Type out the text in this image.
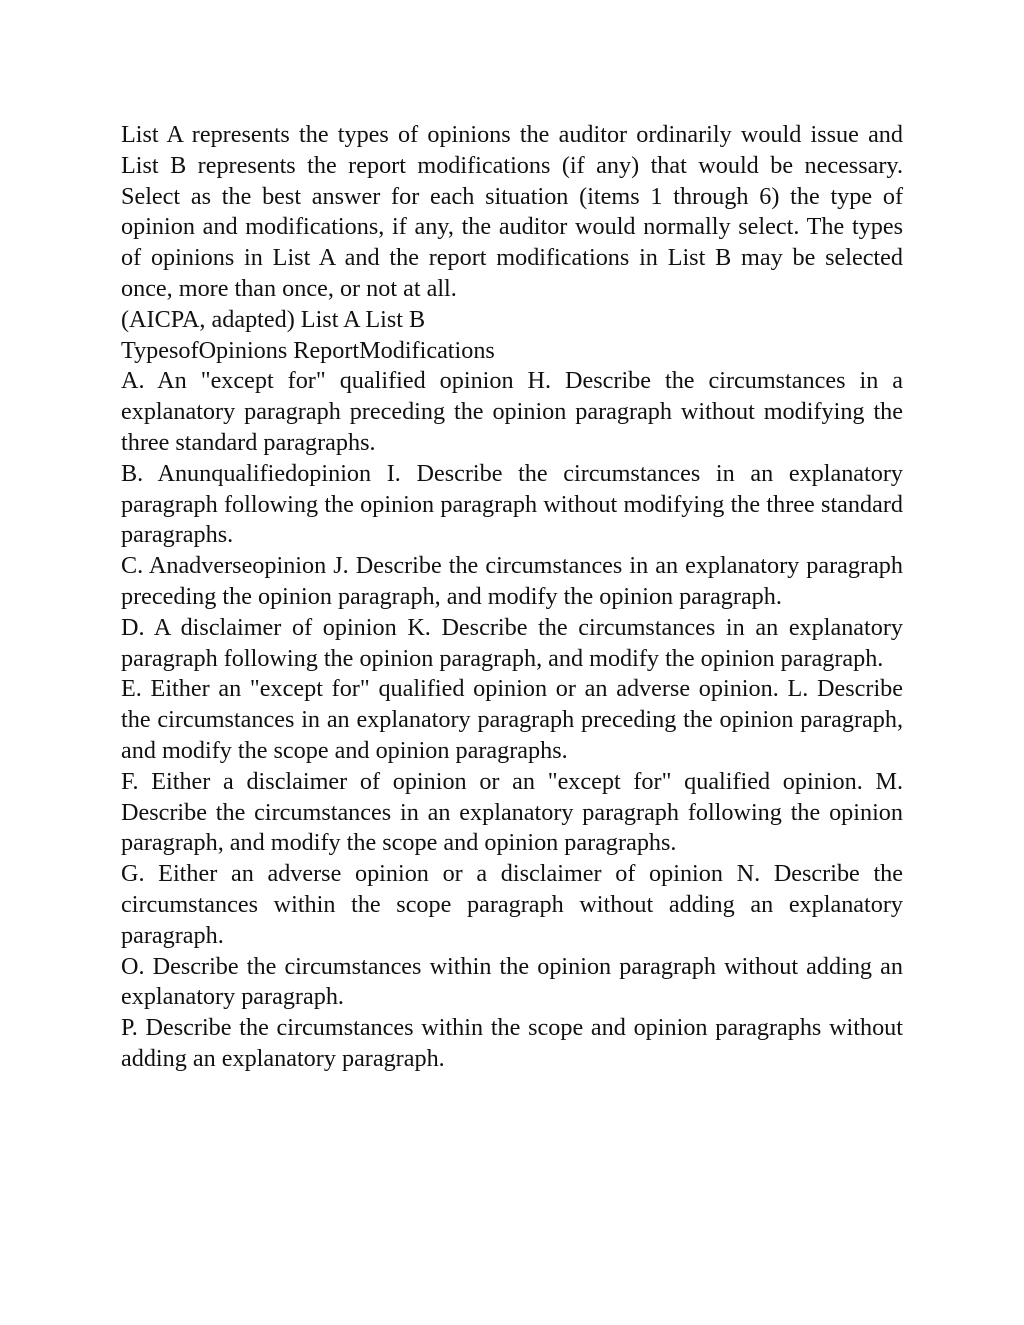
List A represents the types of opinions the auditor ordinarily would issue and List B represents the report modifications (if any) that would be necessary. Select as the best answer for each situation (items 1 through 6) the type of opinion and modifications, if any, the auditor would normally select. The types of opinions in List A and the report modifications in List B may be selected once, more than once, or not at all.

(AICPA, adapted) List A List B

TypesofOpinions ReportModifications

A. An "except for" qualified opinion H. Describe the circumstances in a explanatory paragraph preceding the opinion paragraph without modifying the three standard paragraphs.

B. Anunqualifiedopinion I. Describe the circumstances in an explanatory paragraph following the opinion paragraph without modifying the three standard paragraphs.

C. Anadverseopinion J. Describe the circumstances in an explanatory paragraph preceding the opinion paragraph, and modify the opinion paragraph.

D. A disclaimer of opinion K. Describe the circumstances in an explanatory paragraph following the opinion paragraph, and modify the opinion paragraph.

E. Either an "except for" qualified opinion or an adverse opinion. L. Describe the circumstances in an explanatory paragraph preceding the opinion paragraph, and modify the scope and opinion paragraphs.

F. Either a disclaimer of opinion or an "except for" qualified opinion. M. Describe the circumstances in an explanatory paragraph following the opinion paragraph, and modify the scope and opinion paragraphs.

G. Either an adverse opinion or a disclaimer of opinion N. Describe the circumstances within the scope paragraph without adding an explanatory paragraph.

O. Describe the circumstances within the opinion paragraph without adding an explanatory paragraph.

P. Describe the circumstances within the scope and opinion paragraphs without adding an explanatory paragraph.
